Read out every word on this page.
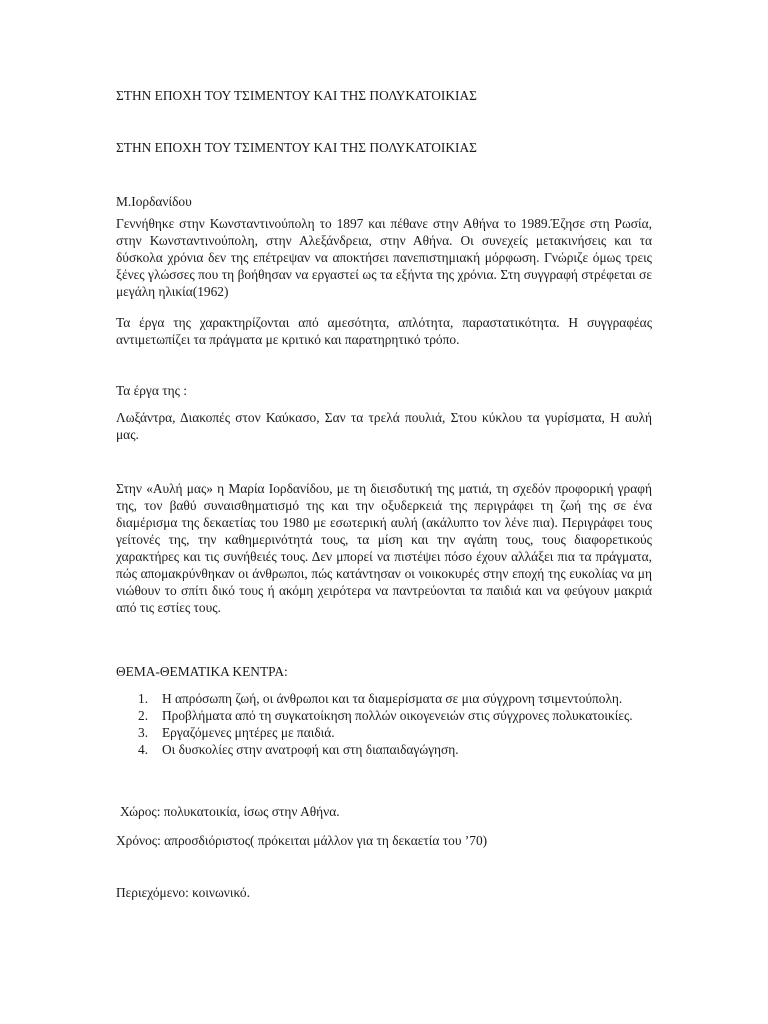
ΣΤΗΝ ΕΠΟΧΗ ΤΟΥ ΤΣΙΜΕΝΤΟΥ ΚΑΙ ΤΗΣ ΠΟΛΥΚΑΤΟΙΚΙΑΣ
ΣΤΗΝ ΕΠΟΧΗ ΤΟΥ ΤΣΙΜΕΝΤΟΥ ΚΑΙ ΤΗΣ ΠΟΛΥΚΑΤΟΙΚΙΑΣ

Μ.Ιορδανίδου

Γεννήθηκε στην Κωνσταντινούπολη το 1897 και πέθανε στην Αθήνα το 1989.Έζησε στη Ρωσία, στην Κωνσταντινούπολη, στην Αλεξάνδρεια, στην Αθήνα. Οι συνεχείς μετακινήσεις και τα δύσκολα χρόνια δεν της επέτρεψαν να αποκτήσει πανεπιστημιακή μόρφωση. Γνώριζε όμως τρεις ξένες γλώσσες που τη βοήθησαν να εργαστεί ως τα εξήντα της χρόνια. Στη συγγραφή στρέφεται σε μεγάλη ηλικία(1962)

Τα έργα της χαρακτηρίζονται από αμεσότητα, απλότητα, παραστατικότητα. Η συγγραφέας αντιμετωπίζει τα πράγματα με κριτικό και παρατηρητικό τρόπο.

Τα έργα της :

Λωξάντρα, Διακοπές στον Καύκασο, Σαν τα τρελά πουλιά, Στου κύκλου τα γυρίσματα, Η αυλή μας.

Στην «Αυλή μας» η Μαρία Ιορδανίδου, με τη διεισδυτική της ματιά, τη σχεδόν προφορική γραφή της, τον βαθύ συναισθηματισμό της και την οξυδερκειά της περιγράφει τη ζωή της σε ένα διαμέρισμα της δεκαετίας του 1980 με εσωτερική αυλή (ακάλυπτο τον λένε πια). Περιγράφει τους γείτονές της, την καθημερινότητά τους, τα μίση και την αγάπη τους, τους διαφορετικούς χαρακτήρες και τις συνήθειές τους. Δεν μπορεί να πιστέψει πόσο έχουν αλλάξει πια τα πράγματα, πώς απομακρύνθηκαν οι άνθρωποι, πώς κατάντησαν οι νοικοκυρές στην εποχή της ευκολίας να μη νιώθουν το σπίτι δικό τους ή ακόμη χειρότερα να παντρεύονται τα παιδιά και να φεύγουν μακριά από τις εστίες τους.

ΘΕΜΑ-ΘΕΜΑΤΙΚΑ ΚΕΝΤΡΑ:

1. Η απρόσωπη ζωή, οι άνθρωποι και τα διαμερίσματα σε μια σύγχρονη τσιμεντούπολη.
2. Προβλήματα από τη συγκατοίκηση πολλών οικογενειών στις σύγχρονες πολυκατοικίες.
3. Εργαζόμενες μητέρες με παιδιά.
4. Οι δυσκολίες στην ανατροφή και στη διαπαιδαγώγηση.

Χώρος: πολυκατοικία, ίσως στην Αθήνα.

Χρόνος: απροσδιόριστος( πρόκειται μάλλον για τη δεκαετία του ’70)

Περιεχόμενο: κοινωνικό.
